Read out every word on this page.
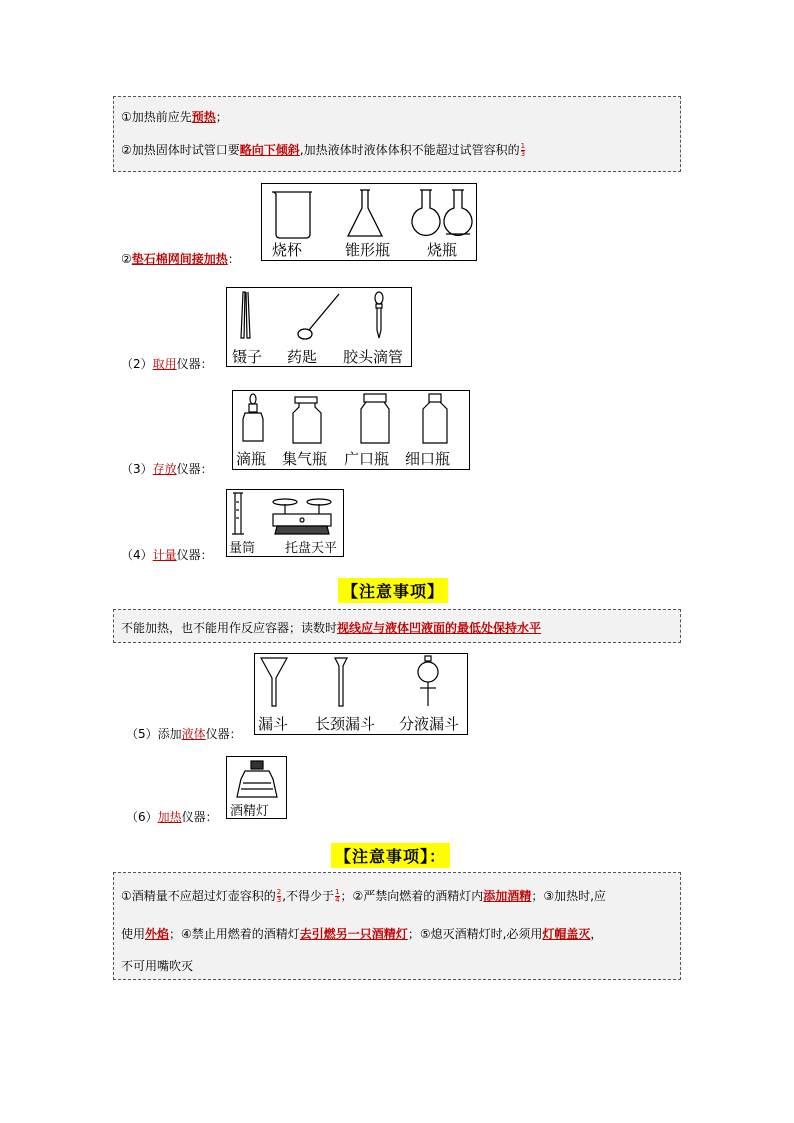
①加热前应先预热；
②加热固体时试管口要略向下倾斜,加热液体时液体体积不能超过试管容积的 $\frac{1}{3}$
②垫石棉网间接加热： 烧杯	锥形瓶 烧瓶
（2）取用仪器： 镊子 药匙 胶头滴管
（3）存放仪器：
滴瓶 集气瓶 广口瓶 细口瓶
（4）计量仪器： 量筒 托盘天平
【注意事项】
不能加热，也不能用作反应容器；读数时视线应与液体凹液面的最低处保持水平
（5）添加液体仪器：
漏斗 长颈漏斗 分液漏斗
（6）加热仪器： 酒精灯
【注意事项】：
①酒精量不应超过灯壶容积的 $\frac{2}{3}$ ,不得少于 $\frac{1}{4}$ ；②严禁向燃着的酒精灯内添加酒精；③加热时,应
使用外焰；④禁止用燃着的酒精灯去引燃另一只酒精灯；⑤熄灭酒精灯时,必须用灯帽盖灭，
不可用嘴吹灭
